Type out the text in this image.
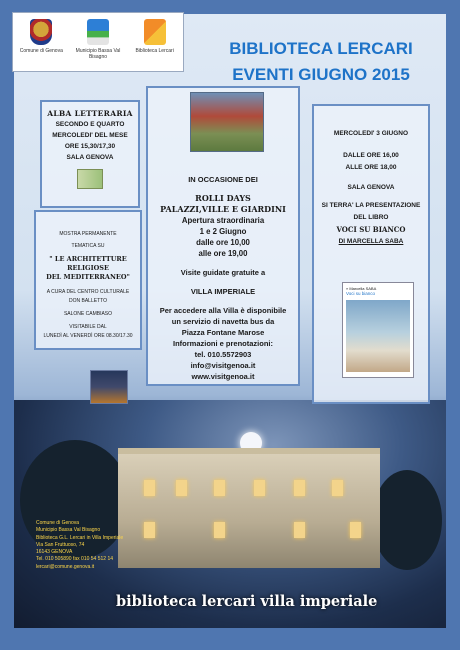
Comune di Genova	Municipio Bassa Val Bisagno
Biblioteca Lercari	BIBLIOTECA LERCARI
EVENTI GIUGNO 2015
ALBA LETTERARIA
SECONDO E QUARTO
MERCOLEDI' DEL MESE
ORE 15,30/17,30
SALA GENOVA

MOSTRA PERMANENTE

TEMATICA SU

" LE ARCHITETTURE
RELIGIOSE
DEL MEDITERRANEO"
A CURA DEL CENTRO CULTURALE

DON BALLETTO

SALONE CAMBIASO

VISITABILE DAL
LUNEDÌ AL VENERDÌ ORE 08.30/17.30
IN OCCASIONE DEI
ROLLI DAYS
PALAZZI,VILLE E GIARDINI
Apertura straordinaria
1 e 2 Giugno
dalle ore 10,00
alle ore 19,00
Visite guidate gratuite a
VILLA IMPERIALE
Per accedere alla Villa è disponibile
un servizio di navetta bus da
Piazza Fontane Marose
Informazioni e prenotazioni:
tel. 010.5572903
info@visitgenoa.it
www.visitgenoa.it
MERCOLEDI' 3 GIUGNO
DALLE ORE 16,00
ALLE ORE 18,00
SALA GENOVA
SI TERRA' LA PRESENTAZIONE
DEL LIBRO
VOCI SU BIANCO
DI MARCELLA SABA
» Marcella SABA
Voci su bianco
Comune di Genova
Municipio Bassa Val Bisagno
Biblioteca G.L. Lercari in Villa Imperiale
Via San Fruttuoso, 74
16143 GENOVA
Tel. 010 505890 fax 010 54 512 14
lercari@comune.genova.it
biblioteca lercari villa imperiale
